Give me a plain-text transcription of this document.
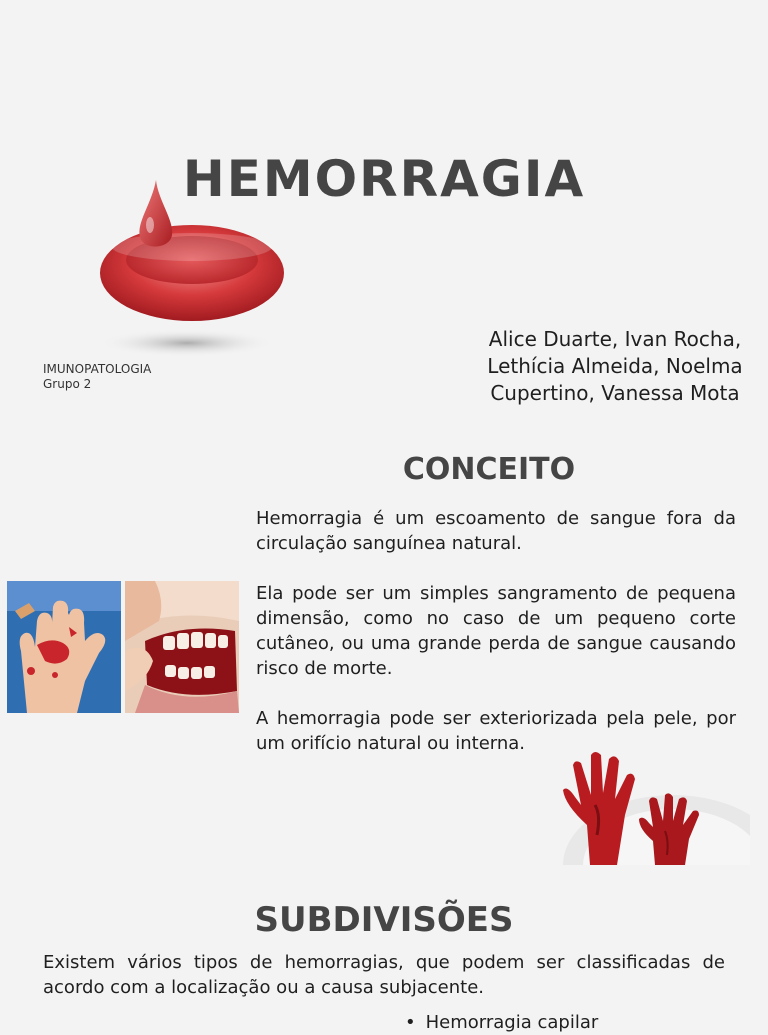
HEMORRAGIA
IMUNOPATOLOGIA
Grupo 2
Alice Duarte, Ivan Rocha,
Lethícia Almeida, Noelma
Cupertino, Vanessa Mota
CONCEITO

Hemorragia é um escoamento de sangue fora da circulação sanguínea natural.

Ela pode ser um simples sangramento de pequena dimensão, como no caso de um pequeno corte cutâneo, ou uma grande perda de sangue causando risco de morte.

A hemorragia pode ser exteriorizada pela pele, por um orifício natural ou interna.

SUBDIVISÕES

Existem vários tipos de hemorragias, que podem ser classificadas de acordo com a localização ou a causa subjacente.

• Hemorragia capilar
